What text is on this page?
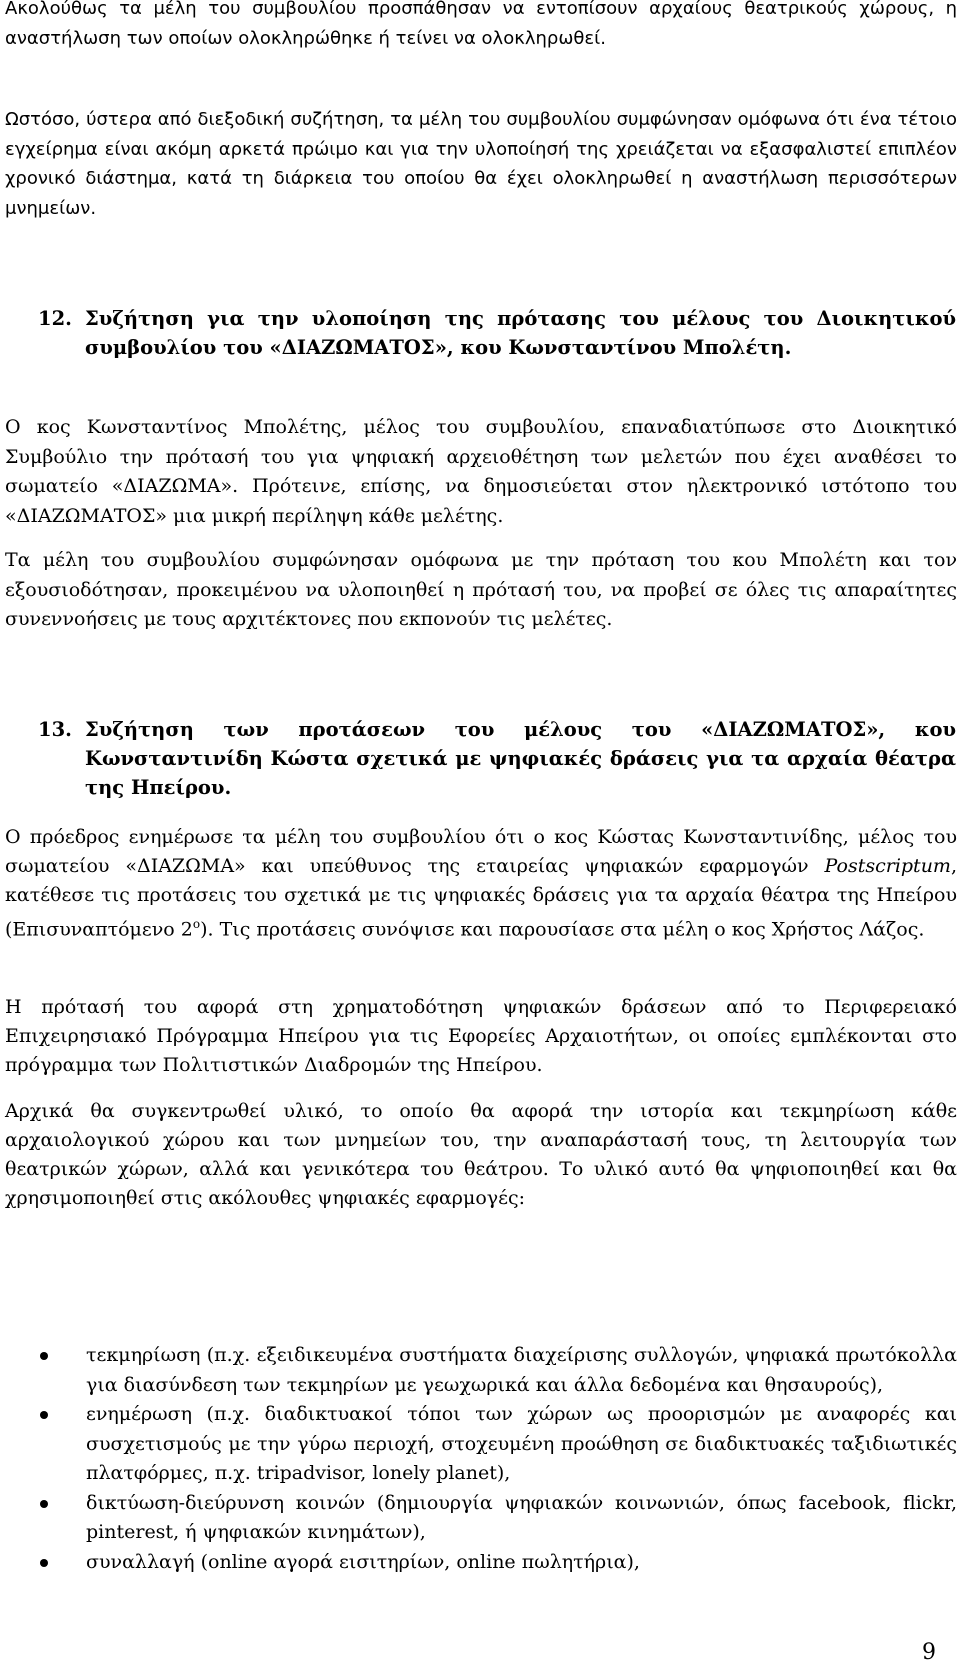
Ακολούθως τα μέλη του συμβουλίου προσπάθησαν να εντοπίσουν αρχαίους θεατρικούς χώρους, η αναστήλωση των οποίων ολοκληρώθηκε ή τείνει να ολοκληρωθεί.

Ωστόσο, ύστερα από διεξοδική συζήτηση, τα μέλη του συμβουλίου συμφώνησαν ομόφωνα ότι ένα τέτοιο εγχείρημα είναι ακόμη αρκετά πρώιμο και για την υλοποίησή της χρειάζεται να εξασφαλιστεί επιπλέον χρονικό διάστημα, κατά τη διάρκεια του οποίου θα έχει ολοκληρωθεί η αναστήλωση περισσότερων μνημείων.

12. Συζήτηση για την υλοποίηση της πρότασης του μέλους του Διοικητικού συμβουλίου του «ΔΙΑΖΩΜΑΤΟΣ», κου Κωνσταντίνου Μπολέτη.

Ο κος Κωνσταντίνος Μπολέτης, μέλος του συμβουλίου, επαναδιατύπωσε στο Διοικητικό Συμβούλιο την πρότασή του για ψηφιακή αρχειοθέτηση των μελετών που έχει αναθέσει το σωματείο «ΔΙΑΖΩΜΑ». Πρότεινε, επίσης, να δημοσιεύεται στον ηλεκτρονικό ιστότοπο του «ΔΙΑΖΩΜΑΤΟΣ» μια μικρή περίληψη κάθε μελέτης.

Τα μέλη του συμβουλίου συμφώνησαν ομόφωνα με την πρόταση του κου Μπολέτη και τον εξουσιοδότησαν, προκειμένου να υλοποιηθεί η πρότασή του, να προβεί σε όλες τις απαραίτητες συνεννοήσεις με τους αρχιτέκτονες που εκπονούν τις μελέτες.

13. Συζήτηση των προτάσεων του μέλους του «ΔΙΑΖΩΜΑΤΟΣ», κου Κωνσταντινίδη Κώστα σχετικά με ψηφιακές δράσεις για τα αρχαία θέατρα της Ηπείρου.

Ο πρόεδρος ενημέρωσε τα μέλη του συμβουλίου ότι ο κος Κώστας Κωνσταντινίδης, μέλος του σωματείου «ΔΙΑΖΩΜΑ» και υπεύθυνος της εταιρείας ψηφιακών εφαρμογών Postscriptum, κατέθεσε τις προτάσεις του σχετικά με τις ψηφιακές δράσεις για τα αρχαία θέατρα της Ηπείρου (Επισυναπτόμενο $2^o$). Τις προτάσεις συνόψισε και παρουσίασε στα μέλη ο κος Χρήστος Λάζος.

Η πρότασή του αφορά στη χρηματοδότηση ψηφιακών δράσεων από το Περιφερειακό Επιχειρησιακό Πρόγραμμα Ηπείρου για τις Εφορείες Αρχαιοτήτων, οι οποίες εμπλέκονται στο πρόγραμμα των Πολιτιστικών Διαδρομών της Ηπείρου.

Αρχικά θα συγκεντρωθεί υλικό, το οποίο θα αφορά την ιστορία και τεκμηρίωση κάθε αρχαιολογικού χώρου και των μνημείων του, την αναπαράστασή τους, τη λειτουργία των θεατρικών χώρων, αλλά και γενικότερα του θεάτρου. Το υλικό αυτό θα ψηφιοποιηθεί και θα χρησιμοποιηθεί στις ακόλουθες ψηφιακές εφαρμογές:

τεκμηρίωση (π.χ. εξειδικευμένα συστήματα διαχείρισης συλλογών, ψηφιακά πρωτόκολλα για διασύνδεση των τεκμηρίων με γεωχωρικά και άλλα δεδομένα και θησαυρούς),
ενημέρωση (π.χ. διαδικτυακοί τόποι των χώρων ως προορισμών με αναφορές και συσχετισμούς με την γύρω περιοχή, στοχευμένη προώθηση σε διαδικτυακές ταξιδιωτικές πλατφόρμες, π.χ. tripadvisor, lonely planet),
δικτύωση-διεύρυνση κοινών (δημιουργία ψηφιακών κοινωνιών, όπως facebook, flickr, pinterest, ή ψηφιακών κινημάτων),
συναλλαγή (online αγορά εισιτηρίων, online πωλητήρια),
9
